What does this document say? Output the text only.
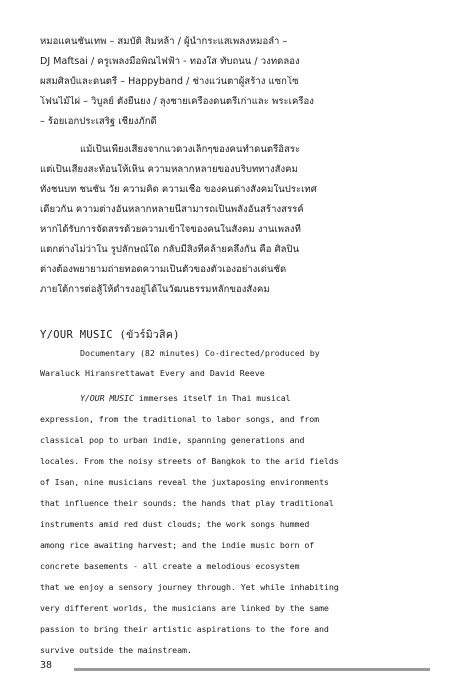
หมอแคนชั้นเทพ – สมบัติ สิมหล้า / ผู้นำกระแสเพลงหมอลำ –
DJ Maftsai / ครูเพลงมือพิณไฟฟ้า - ทองใส ทับถนน / วงทดลอง
ผสมศิลป์และดนตรี – Happyband / ช่างแว่นตาผู้สร้าง แซกโซ
โฟนไม้ไผ่ – วิบูลย์ ตั้งยืนยง / ลุงชายเครื่องดนตรีเก่าและ พระเครื่อง
– ร้อยเอกประเสริฐ เชียงภักดี
แม้เป็นเพียงเสียงจากแวดวงเล็กๆของคนทำดนตรีอิสระ
แต่เป็นเสียงสะท้อนให้เห็น ความหลากหลายของบริบททางสังคม
ทั้งชนบท ชนชั้น วัย ความคิด ความเชื่อ ของคนต่างสังคมในประเทศ
เดียวกัน ความต่างอันหลากหลายนี้สามารถเป็นพลังอันสร้างสรรค์
หากได้รับการจัดสรรด้วยความเข้าใจของคนในสังคม งานเพลงที่
แตกต่างไม่ว่าใน รูปลักษณ์ใด กลับมีสิ่งที่คล้ายคลึงกัน คือ ศิลปิน
ต่างต้องพยายามถ่ายทอดความเป็นตัวของตัวเองอย่างเด่นชัด
ภายใต้การต่อสู้ให้ดำรงอยู่ได้ในวัฒนธรรมหลักของสังคม
Y/OUR MUSIC (ขัวร์มิวสิค)
Documentary (82 minutes) Co-directed/produced by
Waraluck Hiransrettawat Every and David Reeve
Y/OUR MUSIC immerses itself in Thai musical
expression, from the traditional to labor songs, and from
classical pop to urban indie, spanning generations and
locales. From the noisy streets of Bangkok to the arid fields
of Isan, nine musicians reveal the juxtaposing environments
that influence their sounds: the hands that play traditional
instruments amid red dust clouds; the work songs hummed
among rice awaiting harvest; and the indie music born of
concrete basements - all create a melodious ecosystem
that we enjoy a sensory journey through. Yet while inhabiting
very different worlds, the musicians are linked by the same
passion to bring their artistic aspirations to the fore and
survive outside the mainstream.
38
